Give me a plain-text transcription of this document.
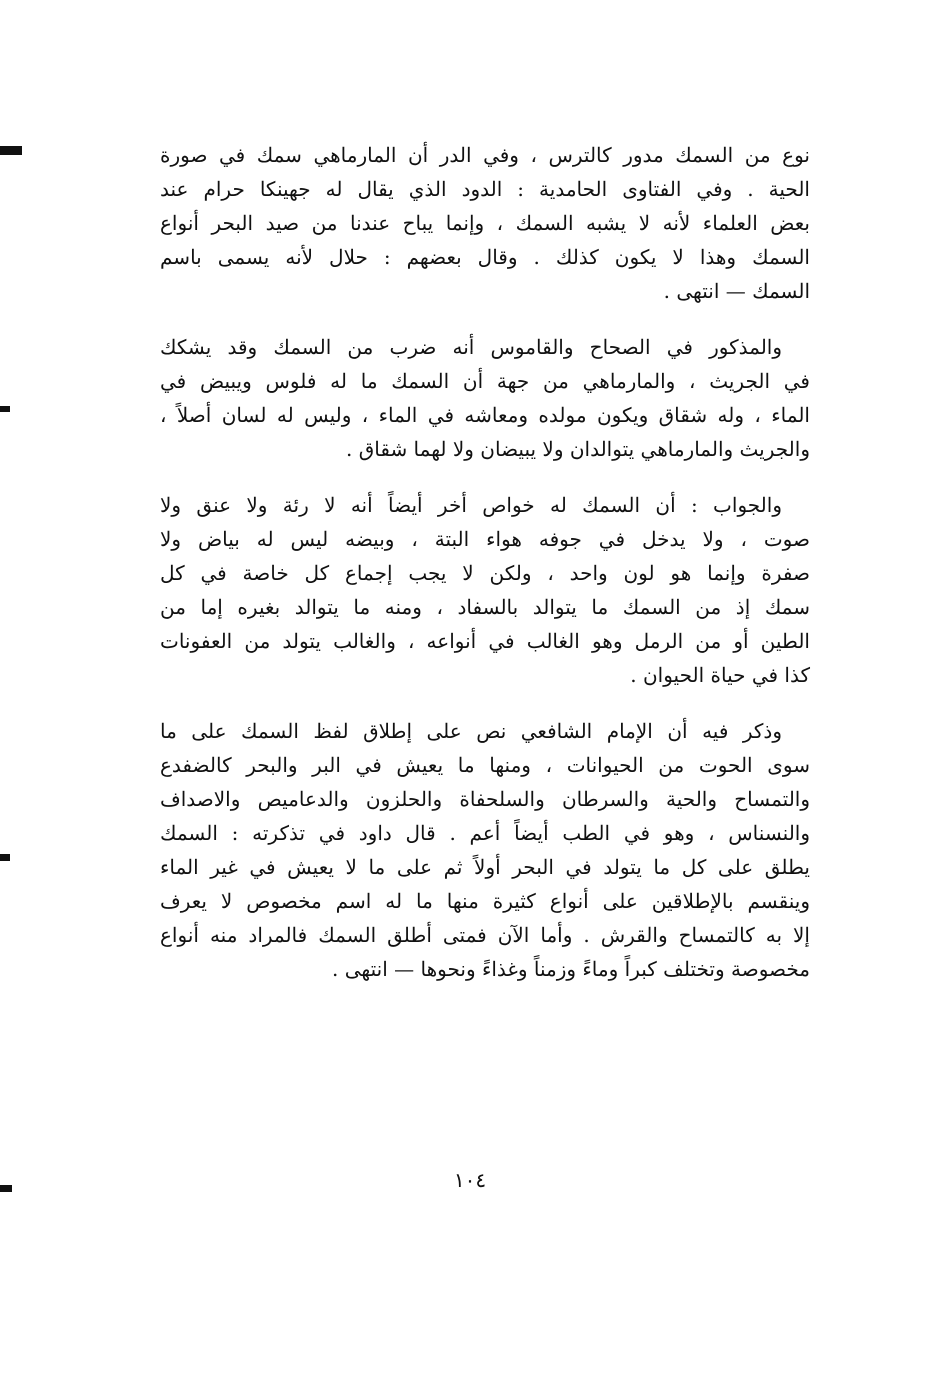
نوع من السمك مدور كالترس ، وفي الدر أن المارماهي سمك في صورة
الحية . وفي الفتاوى الحامدية : الدود الذي يقال له جهينكا حرام عند
بعض العلماء لأنه لا يشبه السمك ، وإنما يباح عندنا من صيد البحر أنواع
السمك وهذا لا يكون كذلك . وقال بعضهم : حلال لأنه يسمى باسم
السمك — انتهى .

والمذكور في الصحاح والقاموس أنه ضرب من السمك وقد يشكك
في الجريث ، والمارماهي من جهة أن السمك ما له فلوس ويبيض في
الماء ، وله شقاق ويكون مولده ومعاشه في الماء ، وليس له لسان أصلاً ،
والجريث والمارماهي يتوالدان ولا يبيضان ولا لهما شقاق .

والجواب : أن السمك له خواص أخر أيضاً أنه لا رئة ولا عنق ولا
صوت ، ولا يدخل في جوفه هواء البتة ، وبيضه ليس له بياض ولا
صفرة وإنما هو لون واحد ، ولكن لا يجب إجماع كل خاصة في كل
سمك إذ من السمك ما يتوالد بالسفاد ، ومنه ما يتوالد بغيره إما من
الطين أو من الرمل وهو الغالب في أنواعه ، والغالب يتولد من العفونات
كذا في حياة الحيوان .

وذكر فيه أن الإمام الشافعي نص على إطلاق لفظ السمك على ما
سوى الحوت من الحيوانات ، ومنها ما يعيش في البر والبحر كالضفدع
والتمساح والحية والسرطان والسلحفاة والحلزون والدعاميص والاصداف
والنسناس ، وهو في الطب أيضاً أعم . قال داود في تذكرته : السمك
يطلق على كل ما يتولد في البحر أولاً ثم على ما لا يعيش في غير الماء
وينقسم بالإطلاقين على أنواع كثيرة منها ما له اسم مخصوص لا يعرف
إلا به كالتمساح والقرش . وأما الآن فمتى أطلق السمك فالمراد منه أنواع
مخصوصة وتختلف كبراً وماءً وزمناً وغذاءً ونحوها — انتهى .

١٠٤
